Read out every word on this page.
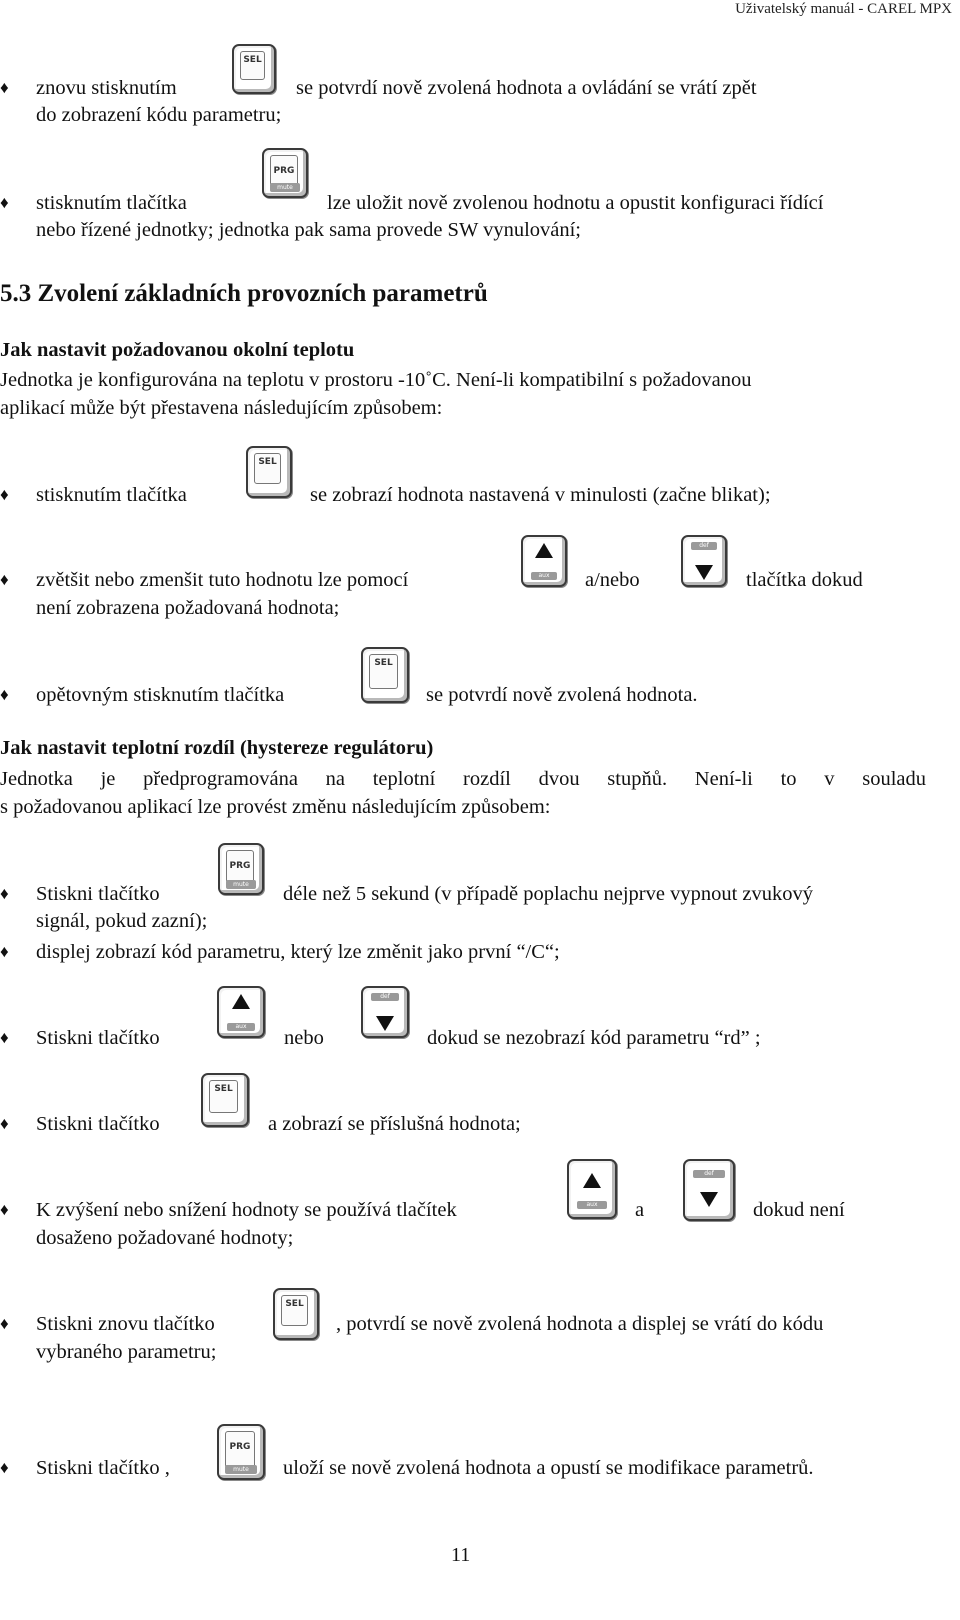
Uživatelský manuál - CAREL MPX
♦ znovu stisknutím
SEL
se potvrdí nově zvolená hodnota a ovládání se vrátí zpět
do zobrazení kódu parametru;
♦ stisknutím tlačítka
PRG
mute
lze uložit nově zvolenou hodnotu a opustit konfiguraci řídící
nebo řízené jednotky; jednotka pak sama provede SW vynulování;
5.3 Zvolení základních provozních parametrů
Jak nastavit požadovanou okolní teplotu
Jednotka je konfigurována na teplotu v prostoru -10˚C. Není-li kompatibilní s požadovanou
aplikací může být přestavena následujícím způsobem:
♦ stisknutím tlačítka
SEL
se zobrazí hodnota nastavená v minulosti (začne blikat);
♦ zvětšit nebo zmenšit tuto hodnotu lze pomocí	aux	a/nebo
def
tlačítka dokud
není zobrazena požadovaná hodnota;
♦ opětovným stisknutím tlačítka
SEL
se potvrdí nově zvolená hodnota.
Jak nastavit teplotní rozdíl (hystereze regulátoru)
Jednotka je předprogramována na teplotní rozdíl dvou stupňů. Není-li to v souladu
s požadovanou aplikací lze provést změnu následujícím způsobem:
♦ Stiskni tlačítko
PRG
mute	déle než 5 sekund (v případě poplachu nejprve vypnout zvukový
signál, pokud zazní);
♦ displej zobrazí kód parametru, který lze změnit jako první “/C“;
♦ Stiskni tlačítko
aux
nebo
def
dokud se nezobrazí kód parametru “rd” ;
♦ Stiskni tlačítko
SEL
a zobrazí se příslušná hodnota;
♦ K zvýšení nebo snížení hodnoty se používá tlačítek	aux	a
def
dokud není
dosaženo požadované hodnoty;
♦ Stiskni znovu tlačítko
SEL
, potvrdí se nově zvolená hodnota a displej se vrátí do kódu
vybraného parametru;
♦ Stiskni tlačítko ,
PRG
mute	uloží se nově zvolená hodnota a opustí se modifikace parametrů.
11
